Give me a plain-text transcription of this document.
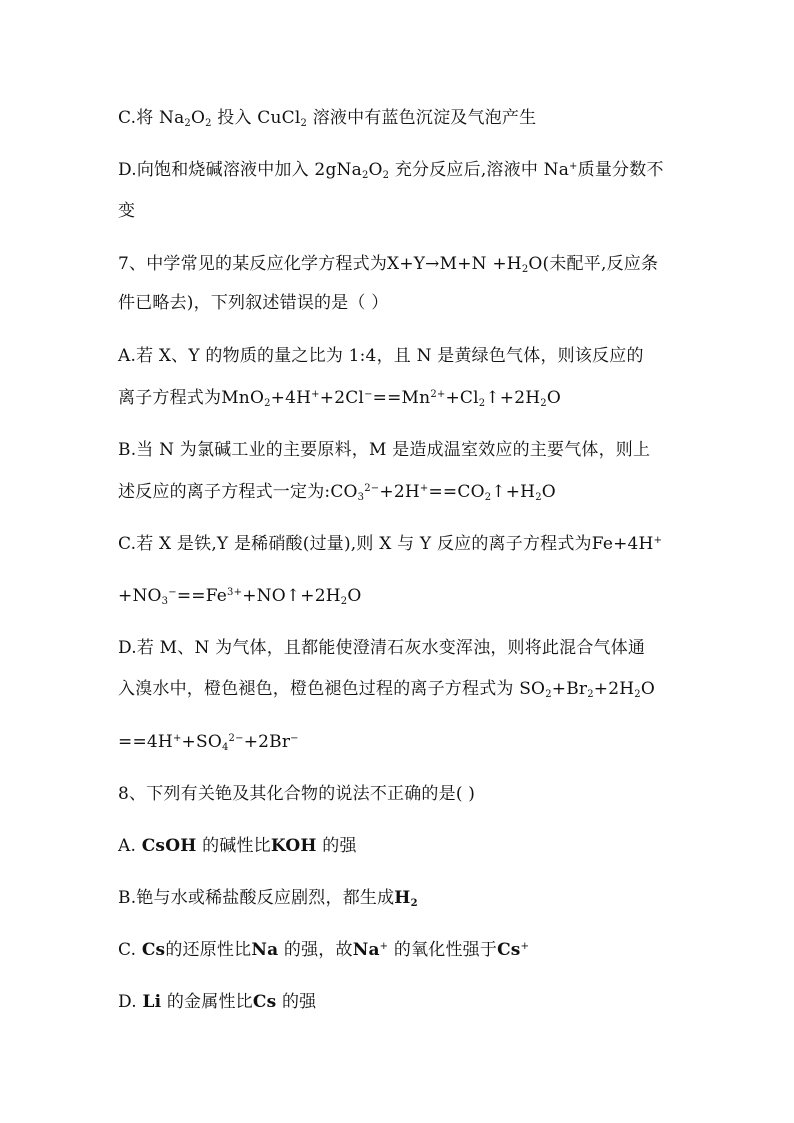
C.将 $Na_2O_2$ 投入 CuCl$_2$ 溶液中有蓝色沉淀及气泡产生
D.向饱和烧碱溶液中加入 $2gNa_2O_2$ 充分反应后,溶液中 Na+质量分数不
变
7、中学常见的某反应化学方程式为$X+Y\to M+N +H_2O$(未配平,反应条
件已略去)，下列叙述错误的是（ ）
A.若 X、Y 的物质的量之比为 1:4，且 N 是黄绿色气体，则该反应的
离子方程式为$MnO_2+4H^++2Cl^-==Mn^{2+}+Cl_2↑+2H_2O$
B.当 N 为氯碱工业的主要原料，M 是造成温室效应的主要气体，则上
述反应的离子方程式一定为$:CO_3^{2-}+2H^+==CO_2↑+H_2O$
C.若 X 是铁,Y 是稀硝酸(过量),则 X 与 Y 反应的离子方程式为Fe+4H+
$+NO_3^-==Fe^{3+}+NO↑+2H_2O$
D.若 M、N 为气体，且都能使澄清石灰水变浑浊，则将此混合气体通
入溴水中，橙色褪色，橙色褪色过程的离子方程式为 $SO_2+Br_2+2H_2O$
$==4H^++SO_4^{2-}+2Br^-$
8、下列有关铯及其化合物的说法不正确的是( )
A. CsOH 的碱性比KOH 的强
B.铯与水或稀盐酸反应剧烈，都生成$H_2$
C. Cs的还原性比Na 的强，故Na+ 的氧化性强于Cs+
D. Li 的金属性比Cs 的强
